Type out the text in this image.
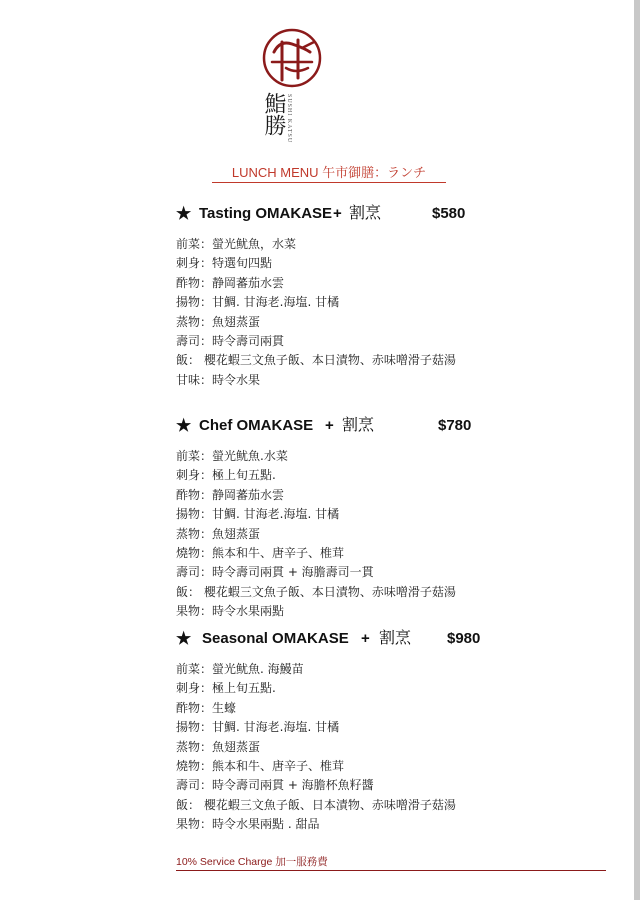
鮨勝 SUSHI KATSU
LUNCH MENU 午市御膳：ランチ
★ Tasting OMAKASE + 割烹	$580
前菜：螢光鱿魚，水菜
刺身：特選旬四點
酢物：静岡蕃茄水雲
揚物：甘鯛. 甘海老.海塩. 甘橘
蒸物：魚翅蒸蛋
壽司：時令壽司兩貫
飯： 櫻花蝦三文魚子飯、本日漬物、赤味噌滑子菇湯
甘味：時令水果
★ Chef OMAKASE + 割烹	$780
前菜：螢光鱿魚.水菜
刺身：極上旬五點.
酢物：静岡蕃茄水雲
揚物：甘鯛. 甘海老.海塩. 甘橘
蒸物：魚翅蒸蛋
燒物：熊本和牛、唐辛子、椎茸
壽司：時令壽司兩貫 + 海膽壽司一貫
飯： 櫻花蝦三文魚子飯、本日漬物、赤味噌滑子菇湯
果物：時令水果兩點
★ Seasonal OMAKASE + 割烹 $980
前菜：螢光鱿魚. 海鰻苗
刺身：極上旬五點.
酢物：生蠔
揚物：甘鯛. 甘海老.海塩. 甘橘
蒸物：魚翅蒸蛋
燒物：熊本和牛、唐辛子、椎茸
壽司：時令壽司兩貫 + 海膽杯魚籽醬
飯： 櫻花蝦三文魚子飯、日本漬物、赤味噌滑子菇湯
果物：時令水果兩點 . 甜品
10% Service Charge 加一服務費
